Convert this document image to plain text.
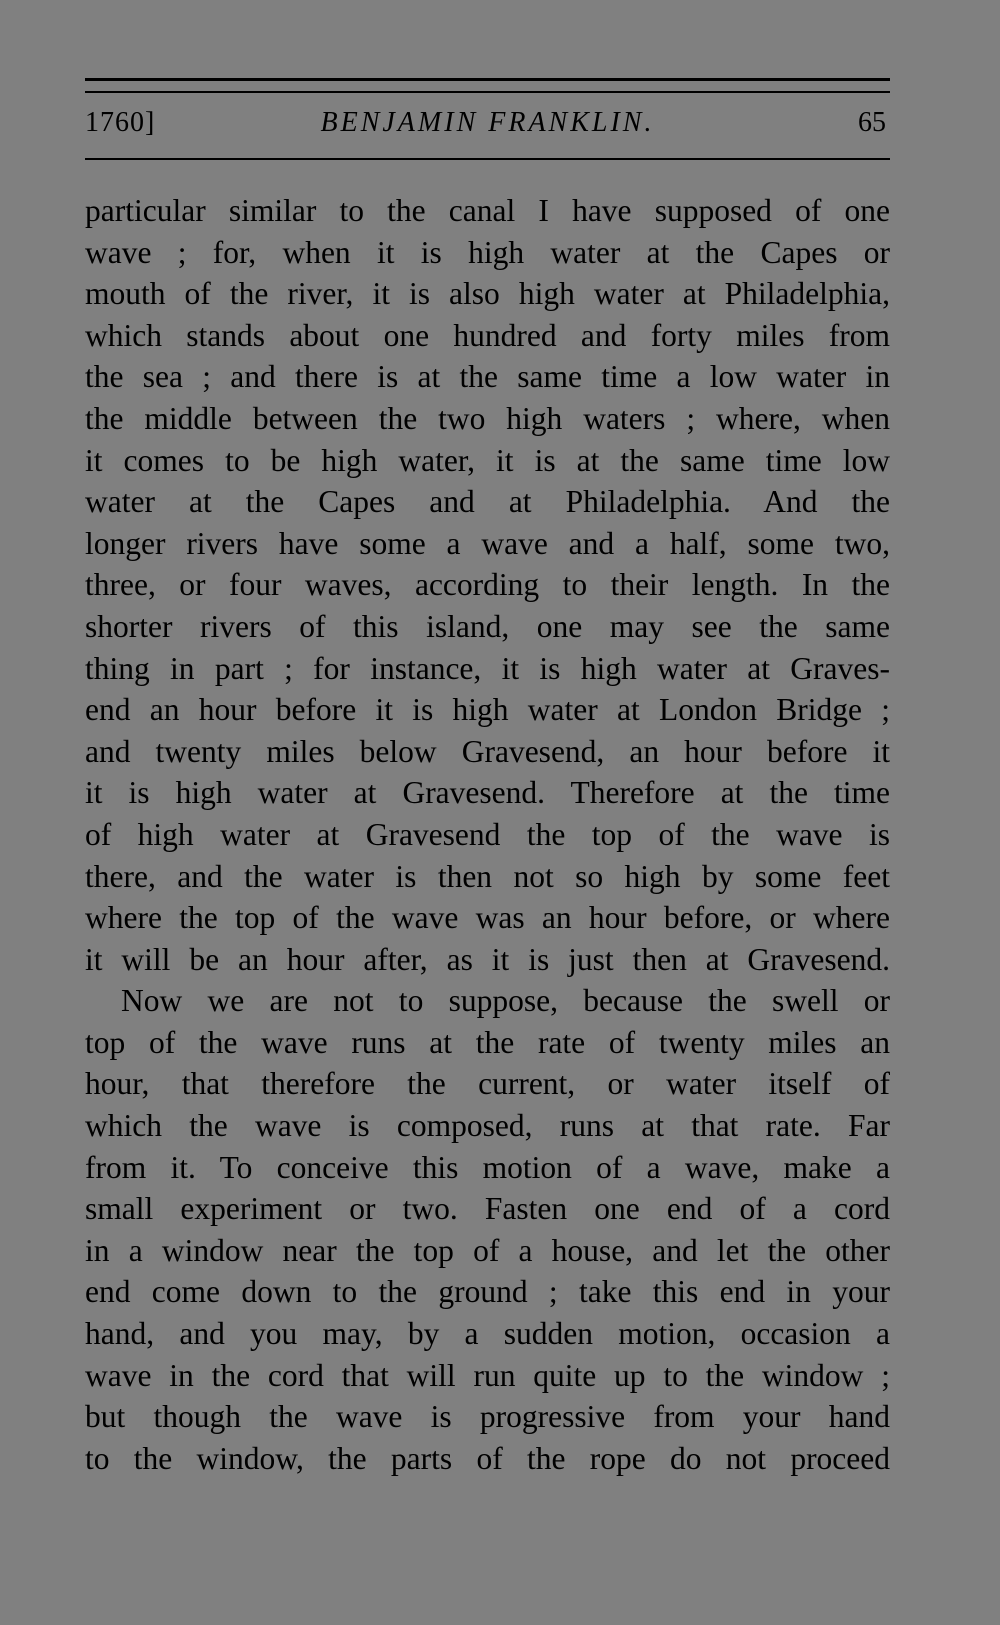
1760]	BENJAMIN FRANKLIN.	65
particular similar to the canal I have supposed of one
wave ; for, when it is high water at the Capes or
mouth of the river, it is also high water at Philadelphia,
which stands about one hundred and forty miles from
the sea ; and there is at the same time a low water in
the middle between the two high waters ; where, when
it comes to be high water, it is at the same time low
water at the Capes and at Philadelphia. And the
longer rivers have some a wave and a half, some two,
three, or four waves, according to their length. In the
shorter rivers of this island, one may see the same
thing in part ; for instance, it is high water at Graves-
end an hour before it is high water at London Bridge ;
and twenty miles below Gravesend, an hour before it
it is high water at Gravesend. Therefore at the time
of high water at Gravesend the top of the wave is
there, and the water is then not so high by some feet
where the top of the wave was an hour before, or where
it will be an hour after, as it is just then at Gravesend.
Now we are not to suppose, because the swell or
top of the wave runs at the rate of twenty miles an
hour, that therefore the current, or water itself of
which the wave is composed, runs at that rate. Far
from it. To conceive this motion of a wave, make a
small experiment or two. Fasten one end of a cord
in a window near the top of a house, and let the other
end come down to the ground ; take this end in your
hand, and you may, by a sudden motion, occasion a
wave in the cord that will run quite up to the window ;
but though the wave is progressive from your hand
to the window, the parts of the rope do not proceed
